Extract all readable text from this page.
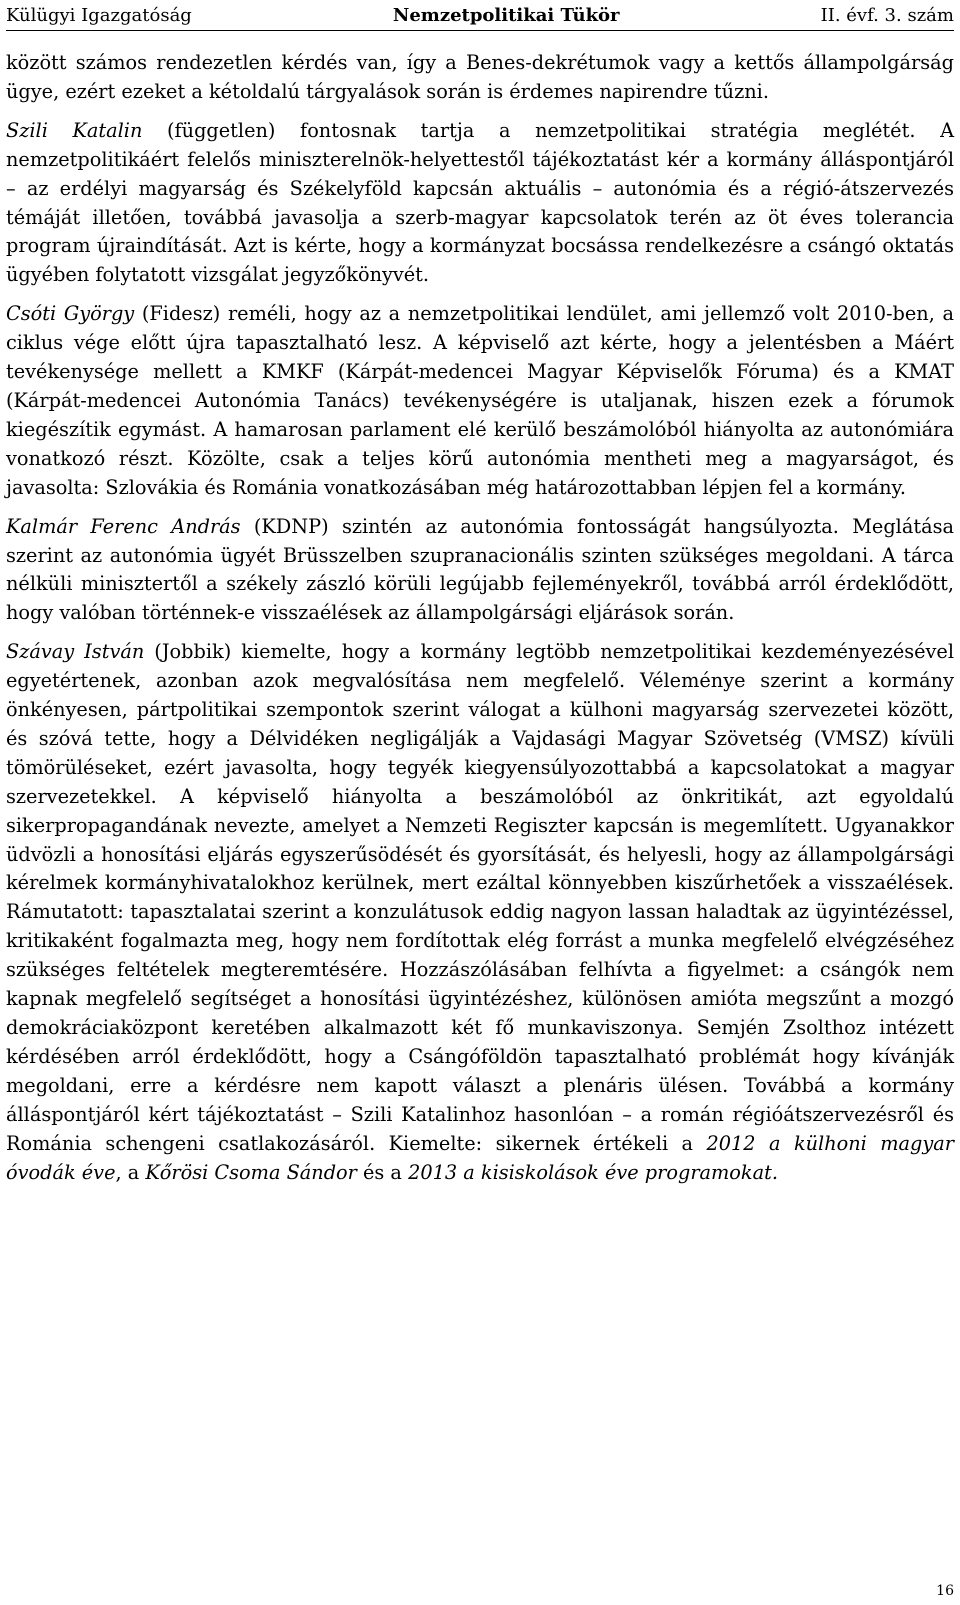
Külügyi Igazgatóság	Nemzetpolitikai Tükör	II. évf. 3. szám

között számos rendezetlen kérdés van, így a Benes-dekrétumok vagy a kettős állampolgárság ügye, ezért ezeket a kétoldalú tárgyalások során is érdemes napirendre tűzni.

Szili Katalin (független) fontosnak tartja a nemzetpolitikai stratégia meglétét. A nemzetpolitikáért felelős miniszterelnök-helyettestől tájékoztatást kér a kormány álláspontjáról – az erdélyi magyarság és Székelyföld kapcsán aktuális – autonómia és a régió-átszervezés témáját illetően, továbbá javasolja a szerb-magyar kapcsolatok terén az öt éves tolerancia program újraindítását. Azt is kérte, hogy a kormányzat bocsássa rendelkezésre a csángó oktatás ügyében folytatott vizsgálat jegyzőkönyvét.

Csóti György (Fidesz) reméli, hogy az a nemzetpolitikai lendület, ami jellemző volt 2010-ben, a ciklus vége előtt újra tapasztalható lesz. A képviselő azt kérte, hogy a jelentésben a Máért tevékenysége mellett a KMKF (Kárpát-medencei Magyar Képviselők Fóruma) és a KMAT (Kárpát-medencei Autonómia Tanács) tevékenységére is utaljanak, hiszen ezek a fórumok kiegészítik egymást. A hamarosan parlament elé kerülő beszámolóból hiányolta az autonómiára vonatkozó részt. Közölte, csak a teljes körű autonómia mentheti meg a magyarságot, és javasolta: Szlovákia és Románia vonatkozásában még határozottabban lépjen fel a kormány.

Kalmár Ferenc András (KDNP) szintén az autonómia fontosságát hangsúlyozta. Meglátása szerint az autonómia ügyét Brüsszelben szupranacionális szinten szükséges megoldani. A tárca nélküli minisztertől a székely zászló körüli legújabb fejleményekről, továbbá arról érdeklődött, hogy valóban történnek-e visszaélések az állampolgársági eljárások során.

Szávay István (Jobbik) kiemelte, hogy a kormány legtöbb nemzetpolitikai kezdeményezésével egyetértenek, azonban azok megvalósítása nem megfelelő. Véleménye szerint a kormány önkényesen, pártpolitikai szempontok szerint válogat a külhoni magyarság szervezetei között, és szóvá tette, hogy a Délvidéken negligálják a Vajdasági Magyar Szövetség (VMSZ) kívüli tömörüléseket, ezért javasolta, hogy tegyék kiegyensúlyozottabbá a kapcsolatokat a magyar szervezetekkel. A képviselő hiányolta a beszámolóból az önkritikát, azt egyoldalú sikerpropagandának nevezte, amelyet a Nemzeti Regiszter kapcsán is megemlített. Ugyanakkor üdvözli a honosítási eljárás egyszerűsödését és gyorsítását, és helyesli, hogy az állampolgársági kérelmek kormányhivatalokhoz kerülnek, mert ezáltal könnyebben kiszűrhetőek a visszaélések. Rámutatott: tapasztalatai szerint a konzulátusok eddig nagyon lassan haladtak az ügyintézéssel, kritikaként fogalmazta meg, hogy nem fordítottak elég forrást a munka megfelelő elvégzéséhez szükséges feltételek megteremtésére. Hozzászólásában felhívta a figyelmet: a csángók nem kapnak megfelelő segítséget a honosítási ügyintézéshez, különösen amióta megszűnt a mozgó demokráciaközpont keretében alkalmazott két fő munkaviszonya. Semjén Zsolthoz intézett kérdésében arról érdeklődött, hogy a Csángóföldön tapasztalható problémát hogy kívánják megoldani, erre a kérdésre nem kapott választ a plenáris ülésen. Továbbá a kormány álláspontjáról kért tájékoztatást – Szili Katalinhoz hasonlóan – a román régióátszervezésről és Románia schengeni csatlakozásáról. Kiemelte: sikernek értékeli a 2012 a külhoni magyar óvodák éve, a Kőrösi Csoma Sándor és a 2013 a kisiskolások éve programokat.

16
